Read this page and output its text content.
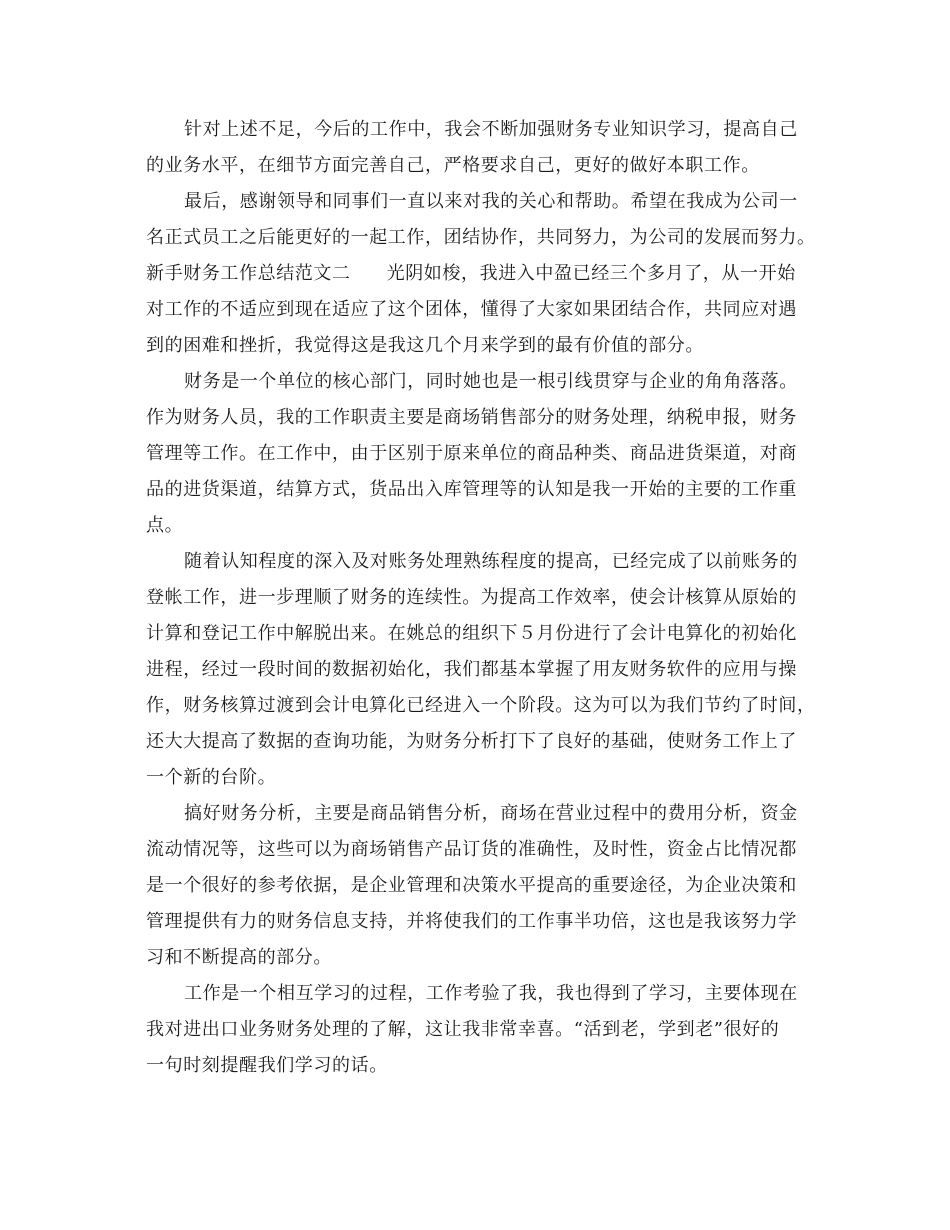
针对上述不足，今后的工作中，我会不断加强财务专业知识学习，提高自己
的业务水平，在细节方面完善自己，严格要求自己，更好的做好本职工作。
最后，感谢领导和同事们一直以来对我的关心和帮助。希望在我成为公司一
名正式员工之后能更好的一起工作，团结协作，共同努力，为公司的发展而努力。
新手财务工作总结范文二 光阴如梭，我进入中盈已经三个多月了，从一开始
对工作的不适应到现在适应了这个团体，懂得了大家如果团结合作，共同应对遇
到的困难和挫折，我觉得这是我这几个月来学到的最有价值的部分。
财务是一个单位的核心部门，同时她也是一根引线贯穿与企业的角角落落。
作为财务人员，我的工作职责主要是商场销售部分的财务处理，纳税申报，财务
管理等工作。在工作中，由于区别于原来单位的商品种类、商品进货渠道，对商
品的进货渠道，结算方式，货品出入库管理等的认知是我一开始的主要的工作重
点。
随着认知程度的深入及对账务处理熟练程度的提高，已经完成了以前账务的
登帐工作，进一步理顺了财务的连续性。为提高工作效率，使会计核算从原始的
计算和登记工作中解脱出来。在姚总的组织下５月份进行了会计电算化的初始化
进程，经过一段时间的数据初始化，我们都基本掌握了用友财务软件的应用与操
作，财务核算过渡到会计电算化已经进入一个阶段。这为可以为我们节约了时间，
还大大提高了数据的查询功能，为财务分析打下了良好的基础，使财务工作上了
一个新的台阶。
搞好财务分析，主要是商品销售分析，商场在营业过程中的费用分析，资金
流动情况等，这些可以为商场销售产品订货的准确性，及时性，资金占比情况都
是一个很好的参考依据，是企业管理和决策水平提高的重要途径，为企业决策和
管理提供有力的财务信息支持，并将使我们的工作事半功倍，这也是我该努力学
习和不断提高的部分。
工作是一个相互学习的过程，工作考验了我，我也得到了学习，主要体现在
我对进出口业务财务处理的了解，这让我非常幸喜。“活到老，学到老”很好的
一句时刻提醒我们学习的话。
